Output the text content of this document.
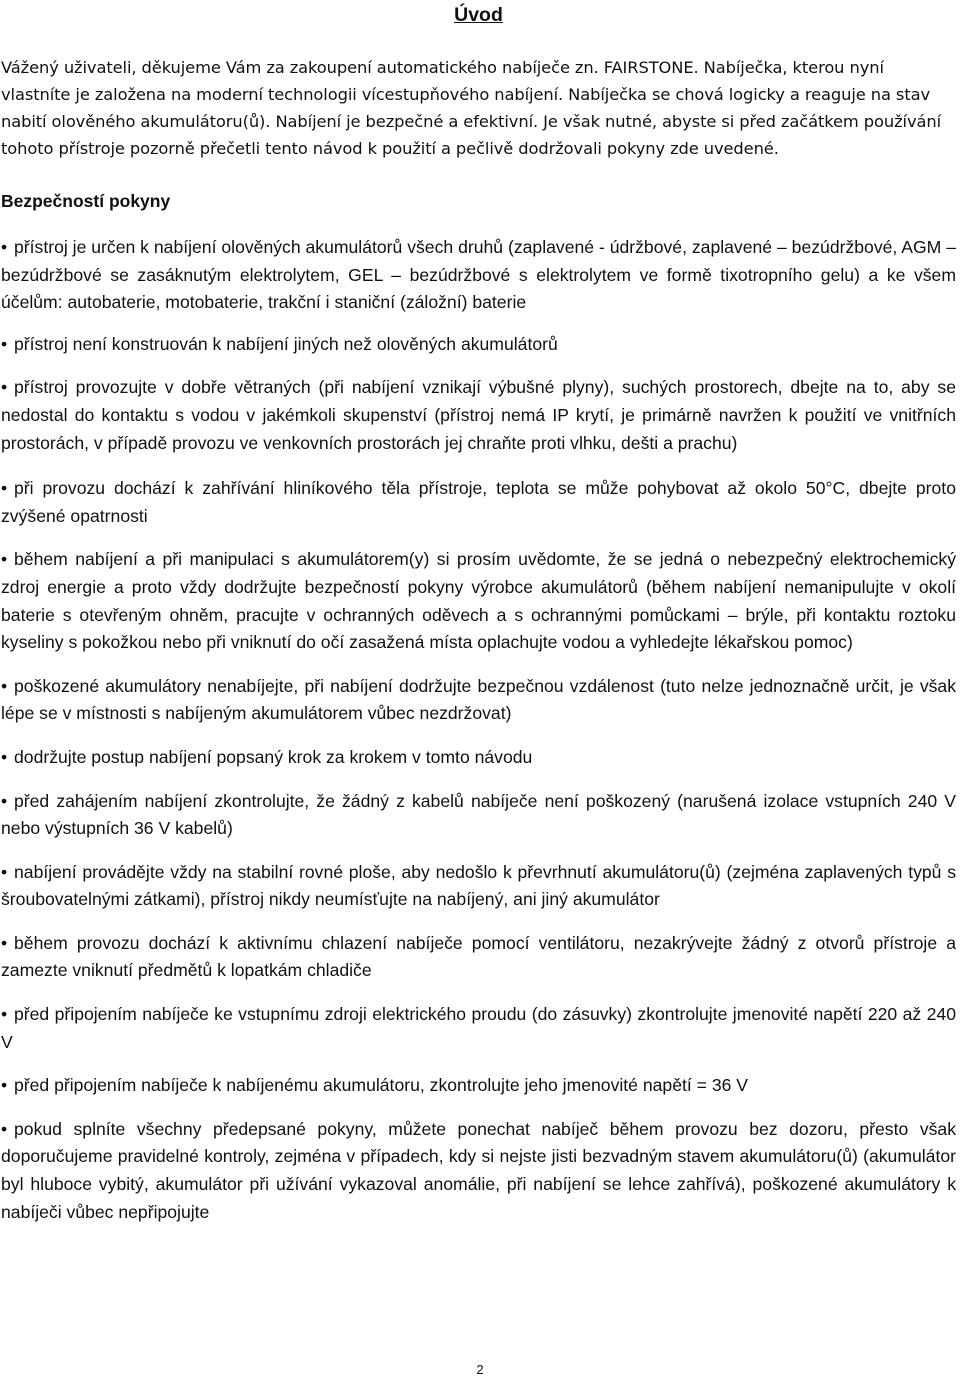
Úvod

Vážený uživateli, děkujeme Vám za zakoupení automatického nabíječe zn. FAIRSTONE. Nabíječka, kterou nyní vlastníte je založena na moderní technologii vícestupňového nabíjení. Nabíječka se chová logicky a reaguje na stav nabití olověného akumulátoru(ů). Nabíjení je bezpečné a efektivní. Je však nutné, abyste si před začátkem používání tohoto přístroje pozorně přečetli tento návod k použití a pečlivě dodržovali pokyny zde uvedené.

Bezpečností pokyny
• přístroj je určen k nabíjení olověných akumulátorů všech druhů (zaplavené - údržbové, zaplavené – bezúdržbové, AGM – bezúdržbové se zasáknutým elektrolytem, GEL – bezúdržbové s elektrolytem ve formě tixotropního gelu) a ke všem účelům: autobaterie, motobaterie, trakční i staniční (záložní) baterie
• přístroj není konstruován k nabíjení jiných než olověných akumulátorů
• přístroj provozujte v dobře větraných (při nabíjení vznikají výbušné plyny), suchých prostorech, dbejte na to, aby se nedostal do kontaktu s vodou v jakémkoli skupenství (přístroj nemá IP krytí, je primárně navržen k použití ve vnitřních prostorách, v případě provozu ve venkovních prostorách jej chraňte proti vlhku, dešti a prachu)
• při provozu dochází k zahřívání hliníkového těla přístroje, teplota se může pohybovat až okolo 50°C, dbejte proto zvýšené opatrnosti
• během nabíjení a při manipulaci s akumulátorem(y) si prosím uvědomte, že se jedná o nebezpečný elektrochemický zdroj energie a proto vždy dodržujte bezpečností pokyny výrobce akumulátorů (během nabíjení nemanipulujte v okolí baterie s otevřeným ohněm, pracujte v ochranných oděvech a s ochrannými pomůckami – brýle, při kontaktu roztoku kyseliny s pokožkou nebo při vniknutí do očí zasažená místa oplachujte vodou a vyhledejte lékařskou pomoc)
• poškozené akumulátory nenabíjejte, při nabíjení dodržujte bezpečnou vzdálenost (tuto nelze jednoznačně určit, je však lépe se v místnosti s nabíjeným akumulátorem vůbec nezdržovat)
• dodržujte postup nabíjení popsaný krok za krokem v tomto návodu
• před zahájením nabíjení zkontrolujte, že žádný z kabelů nabíječe není poškozený (narušená izolace vstupních 240 V nebo výstupních 36 V kabelů)
• nabíjení provádějte vždy na stabilní rovné ploše, aby nedošlo k převrhnutí akumulátoru(ů) (zejména zaplavených typů s šroubovatelnými zátkami), přístroj nikdy neumísťujte na nabíjený, ani jiný akumulátor
• během provozu dochází k aktivnímu chlazení nabíječe pomocí ventilátoru, nezakrývejte žádný z otvorů přístroje a zamezte vniknutí předmětů k lopatkám chladiče
• před připojením nabíječe ke vstupnímu zdroji elektrického proudu (do zásuvky) zkontrolujte jmenovité napětí 220 až 240 V
• před připojením nabíječe k nabíjenému akumulátoru, zkontrolujte jeho jmenovité napětí = 36 V
• pokud splníte všechny předepsané pokyny, můžete ponechat nabíječ během provozu bez dozoru, přesto však doporučujeme pravidelné kontroly, zejména v případech, kdy si nejste jisti bezvadným stavem akumulátoru(ů) (akumulátor byl hluboce vybitý, akumulátor při užívání vykazoval anomálie, při nabíjení se lehce zahřívá), poškozené akumulátory k nabíječi vůbec nepřipojujte
2
